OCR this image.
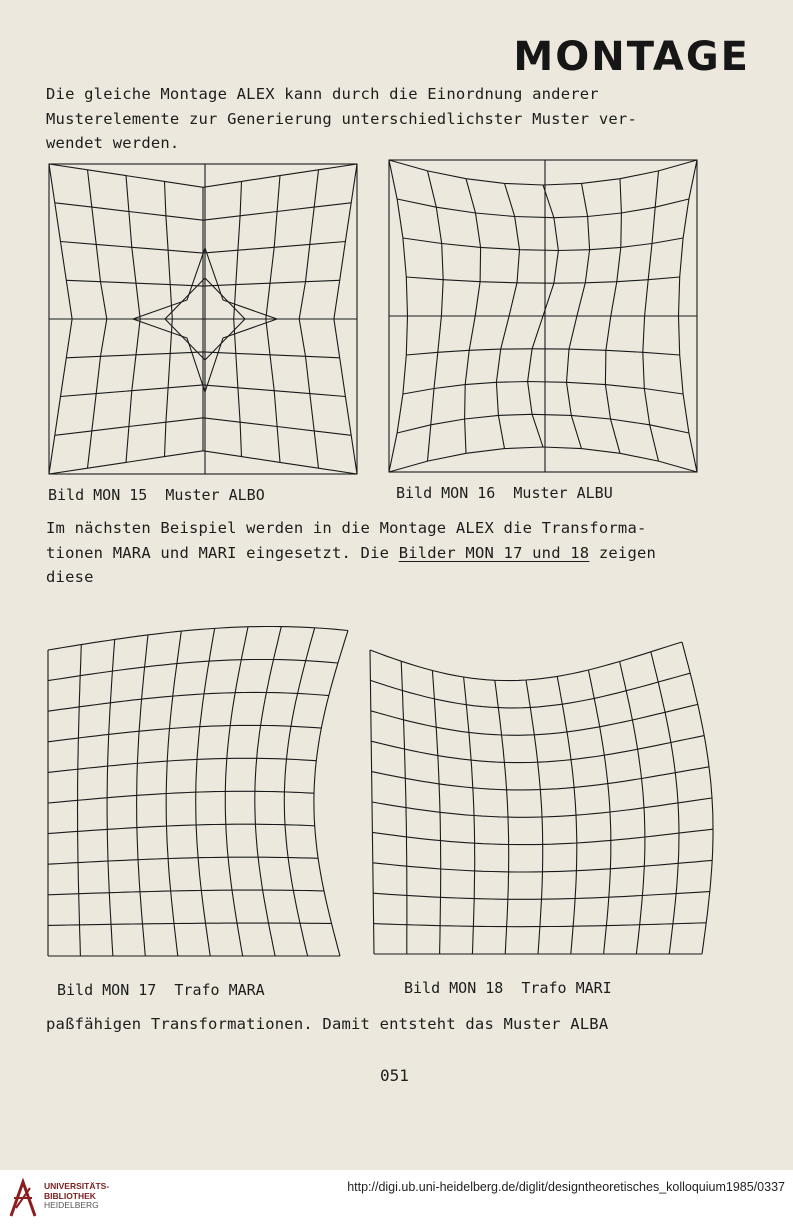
MONTAGE
Die gleiche Montage ALEX kann durch die Einordnung anderer
Musterelemente zur Generierung unterschiedlichster Muster ver-
wendet werden.
Bild MON 15  Muster ALBO	Bild MON 16  Muster ALBU
Im nächsten Beispiel werden in die Montage ALEX die Transforma-
tionen MARA und MARI eingesetzt. Die Bilder MON 17 und 18 zeigen
diese
Bild MON 17  Trafo MARA	Bild MON 18  Trafo MARI
paßfähigen Transformationen. Damit entsteht das Muster ALBA
051
UNIVERSITÄTS-
BIBLIOTHEK
HEIDELBERG
http://digi.ub.uni-heidelberg.de/diglit/designtheoretisches_kolloquium1985/0337
